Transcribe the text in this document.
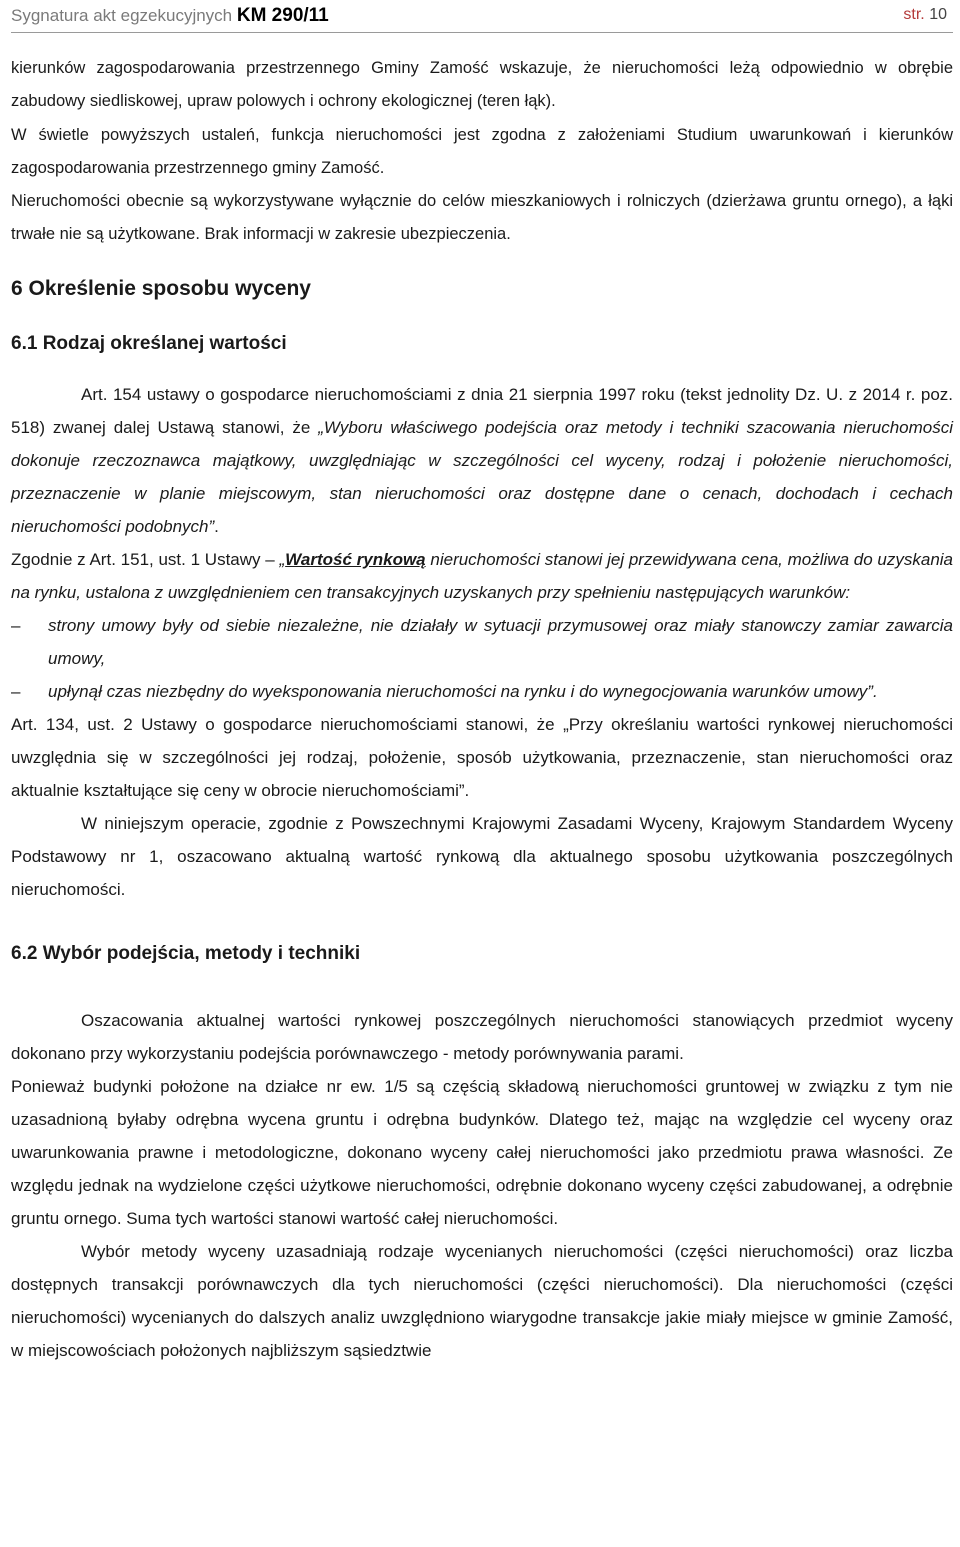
Sygnatura akt egzekucyjnych KM 290/11	str. 10

kierunków zagospodarowania przestrzennego Gminy Zamość wskazuje, że nieruchomości leżą odpowiednio w obrębie zabudowy siedliskowej, upraw polowych i ochrony ekologicznej (teren łąk).

W świetle powyższych ustaleń, funkcja nieruchomości jest zgodna z założeniami Studium uwarunkowań i kierunków zagospodarowania przestrzennego gminy Zamość.

Nieruchomości obecnie są wykorzystywane wyłącznie do celów mieszkaniowych i rolniczych (dzierżawa gruntu ornego), a łąki trwałe nie są użytkowane. Brak informacji w zakresie ubezpieczenia.

6 Określenie sposobu wyceny
6.1 Rodzaj określanej wartości

Art. 154 ustawy o gospodarce nieruchomościami z dnia 21 sierpnia 1997 roku (tekst jednolity Dz. U. z 2014 r. poz. 518) zwanej dalej Ustawą stanowi, że „Wyboru właściwego podejścia oraz metody i techniki szacowania nieruchomości dokonuje rzeczoznawca majątkowy, uwzględniając w szczególności cel wyceny, rodzaj i położenie nieruchomości, przeznaczenie w planie miejscowym, stan nieruchomości oraz dostępne dane o cenach, dochodach i cechach nieruchomości podobnych”.

Zgodnie z Art. 151, ust. 1 Ustawy – „Wartość rynkową nieruchomości stanowi jej przewidywana cena, możliwa do uzyskania na rynku, ustalona z uwzględnieniem cen transakcyjnych uzyskanych przy spełnieniu następujących warunków:

– strony umowy były od siebie niezależne, nie działały w sytuacji przymusowej oraz miały stanowczy zamiar zawarcia umowy,
– upłynął czas niezbędny do wyeksponowania nieruchomości na rynku i do wynegocjowania warunków umowy”.

Art. 134, ust. 2 Ustawy o gospodarce nieruchomościami stanowi, że „Przy określaniu wartości rynkowej nieruchomości uwzględnia się w szczególności jej rodzaj, położenie, sposób użytkowania, przeznaczenie, stan nieruchomości oraz aktualnie kształtujące się ceny w obrocie nieruchomościami”.

W niniejszym operacie, zgodnie z Powszechnymi Krajowymi Zasadami Wyceny, Krajowym Standardem Wyceny Podstawowy nr 1, oszacowano aktualną wartość rynkową dla aktualnego sposobu użytkowania poszczególnych nieruchomości.

6.2 Wybór podejścia, metody i techniki

Oszacowania aktualnej wartości rynkowej poszczególnych nieruchomości stanowiących przedmiot wyceny dokonano przy wykorzystaniu podejścia porównawczego - metody porównywania parami.

Ponieważ budynki położone na działce nr ew. 1/5 są częścią składową nieruchomości gruntowej w związku z tym nie uzasadnioną byłaby odrębna wycena gruntu i odrębna budynków. Dlatego też, mając na względzie cel wyceny oraz uwarunkowania prawne i metodologiczne, dokonano wyceny całej nieruchomości jako przedmiotu prawa własności. Ze względu jednak na wydzielone części użytkowe nieruchomości, odrębnie dokonano wyceny części zabudowanej, a odrębnie gruntu ornego. Suma tych wartości stanowi wartość całej nieruchomości.

Wybór metody wyceny uzasadniają rodzaje wycenianych nieruchomości (części nieruchomości) oraz liczba dostępnych transakcji porównawczych dla tych nieruchomości (części nieruchomości). Dla nieruchomości (części nieruchomości) wycenianych do dalszych analiz uwzględniono wiarygodne transakcje jakie miały miejsce w gminie Zamość, w miejscowościach położonych najbliższym sąsiedztwie
